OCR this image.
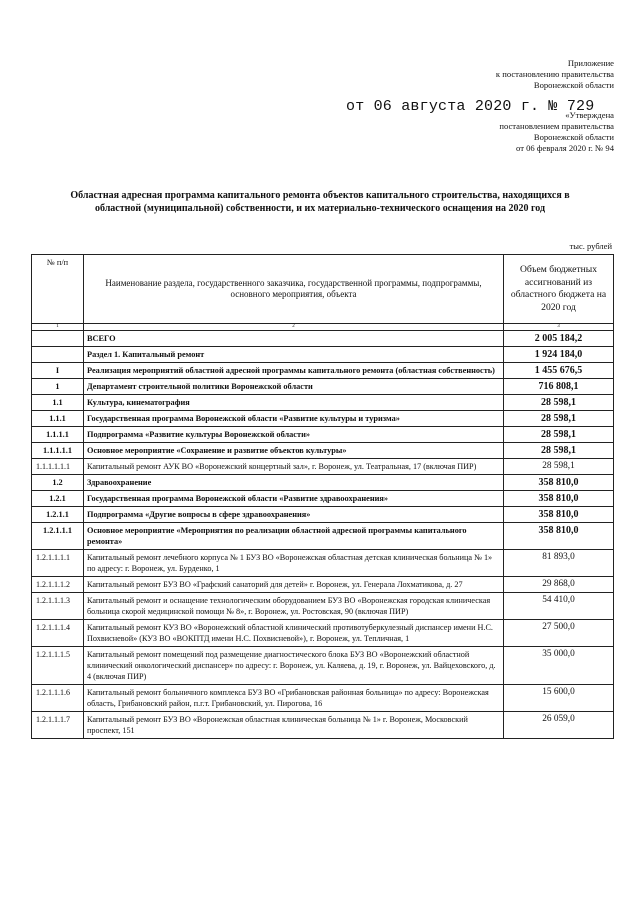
Приложение
к постановлению правительства
Воронежской области
от 06 августа 2020 г. № 729
«Утверждена
постановлением правительства
Воронежской области
от 06 февраля 2020 г. № 94
Областная адресная программа капитального ремонта объектов капитального строительства, находящихся в областной (муниципальной) собственности, и их материально-технического оснащения на 2020 год
тыс. рублей
№ п/п	Наименование раздела, государственного заказчика, государственной программы, подпрограммы, основного мероприятия, объекта	Объем бюджетных ассигнований из областного бюджета на 2020 год
1	2	3
	ВСЕГО	2 005 184,2
	Раздел 1. Капитальный ремонт	1 924 184,0
I	Реализация мероприятий областной адресной программы капитального ремонта (областная собственность)	1 455 676,5
1	Департамент строительной политики Воронежской области	716 808,1
1.1	Культура, кинематография	28 598,1
1.1.1	Государственная программа Воронежской области «Развитие культуры и туризма»	28 598,1
1.1.1.1	Подпрограмма «Развитие культуры Воронежской области»	28 598,1
1.1.1.1.1	Основное мероприятие «Сохранение и развитие объектов культуры»	28 598,1
1.1.1.1.1.1	Капитальный ремонт АУК ВО «Воронежский концертный зал», г. Воронеж, ул. Театральная, 17 (включая ПИР)	28 598,1
1.2	Здравоохранение	358 810,0
1.2.1	Государственная программа Воронежской области «Развитие здравоохранения»	358 810,0
1.2.1.1	Подпрограмма «Другие вопросы в сфере здравоохранения»	358 810,0
1.2.1.1.1	Основное мероприятие «Мероприятия по реализации областной адресной программы капитального ремонта»	358 810,0
1.2.1.1.1.1	Капитальный ремонт лечебного корпуса № 1 БУЗ ВО «Воронежская областная детская клиническая больница № 1» по адресу: г. Воронеж, ул. Бурденко, 1	81 893,0
1.2.1.1.1.2	Капитальный ремонт БУЗ ВО «Графский санаторий для детей» г. Воронеж, ул. Генерала Лохматикова, д. 27	29 868,0
1.2.1.1.1.3	Капитальный ремонт и оснащение технологическим оборудованием БУЗ ВО «Воронежская городская клиническая больница скорой медицинской помощи № 8», г. Воронеж, ул. Ростовская, 90 (включая ПИР)	54 410,0
1.2.1.1.1.4	Капитальный ремонт КУЗ ВО «Воронежский областной клинический противотуберкулезный диспансер имени Н.С. Похвисневой» (КУЗ ВО «ВОКПТД имени Н.С. Похвисневой»), г. Воронеж, ул. Тепличная, 1	27 500,0
1.2.1.1.1.5	Капитальный ремонт помещений под размещение диагностического блока БУЗ ВО «Воронежский областной клинический онкологический диспансер» по адресу: г. Воронеж, ул. Каляева, д. 19, г. Воронеж, ул. Вайцеховского, д. 4 (включая ПИР)	35 000,0
1.2.1.1.1.6	Капитальный ремонт больничного комплекса БУЗ ВО «Грибановская районная больница» по адресу: Воронежская область, Грибановский район, п.г.т. Грибановский, ул. Пирогова, 16	15 600,0
1.2.1.1.1.7	Капитальный ремонт БУЗ ВО «Воронежская областная клиническая больница № 1» г. Воронеж, Московский проспект, 151	26 059,0
